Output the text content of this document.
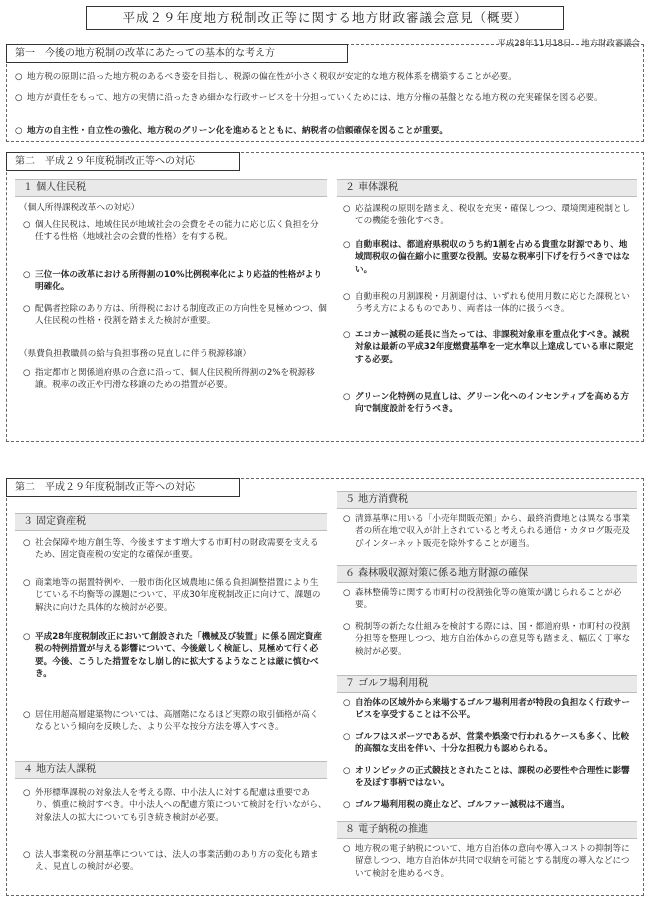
平成２９年度地方税制改正等に関する地方財政審議会意見（概要）
平成28年11月18日 地方財政審議会
第一　今後の地方税制の改革にあたっての基本的な考え方
○ 地方税の原則に沿った地方税のあるべき姿を目指し、税源の偏在性が小さく税収が安定的な地方税体系を構築することが必要。
○ 地方が責任をもって、地方の実情に沿ったきめ細かな行政サービスを十分担っていくためには、地方分権の基盤となる地方税の充実確保を図る必要。
○ 地方の自主性・自立性の強化、地方税のグリーン化を進めるとともに、納税者の信頼確保を図ることが重要。
第二　平成２９年度税制改正等への対応
１ 個人住民税
（個人所得課税改革への対応）
○ 個人住民税は、地域住民が地域社会の会費をその能力に応じ広く負担を分任する性格（地域社会の会費的性格）を有する税。
○ 三位一体の改革における所得割の10%比例税率化により応益的性格がより明確化。
○ 配偶者控除のあり方は、所得税における制度改正の方向性を見極めつつ、個人住民税の性格・役割を踏まえた検討が重要。
（県費負担教職員の給与負担事務の見直しに伴う税源移譲）
○ 指定都市と関係道府県の合意に沿って、個人住民税所得割の2%を税源移譲。税率の改正や円滑な移譲のための措置が必要。
２ 車体課税
○ 応益課税の原則を踏まえ、税収を充実・確保しつつ、環境関連税制としての機能を強化すべき。
○ 自動車税は、都道府県税収のうち約1割を占める貴重な財源であり、地域間税収の偏在縮小に重要な役割。安易な税率引下げを行うべきではない。
○ 自動車税の月割課税・月割還付は、いずれも使用月数に応じた課税という考え方によるものであり、両者は一体的に扱うべき。
○ エコカー減税の延長に当たっては、非課税対象車を重点化すべき。減税対象は最新の平成32年度燃費基準を一定水準以上達成している車に限定する必要。
○ グリーン化特例の見直しは、グリーン化へのインセンティブを高める方向で制度設計を行うべき。
第二　平成２９年度税制改正等への対応
３ 固定資産税
○ 社会保障や地方創生等、今後ますます増大する市町村の財政需要を支えるため、固定資産税の安定的な確保が重要。
○ 商業地等の据置特例や、一般市街化区域農地に係る負担調整措置により生じている不均衡等の課題について、平成30年度税制改正に向けて、課題の解決に向けた具体的な検討が必要。
○ 平成28年度税制改正において創設された「機械及び装置」に係る固定資産税の特例措置が与える影響について、今後厳しく検証し、見極めて行く必要。今後、こうした措置をなし崩し的に拡大するようなことは厳に慎むべき。
○ 居住用超高層建築物については、高層階になるほど実際の取引価格が高くなるという傾向を反映した、より公平な按分方法を導入すべき。
４ 地方法人課税
○ 外形標準課税の対象法人を考える際、中小法人に対する配慮は重要であり、慎重に検討すべき。中小法人への配慮方策について検討を行いながら、対象法人の拡大についても引き続き検討が必要。
○ 法人事業税の分割基準については、法人の事業活動のあり方の変化も踏まえ、見直しの検討が必要。
５ 地方消費税
○ 清算基準に用いる「小売年間販売額」から、最終消費地とは異なる事業者の所在地で収入が計上されていると考えられる通信・カタログ販売及びインターネット販売を除外することが適当。
６ 森林吸収源対策に係る地方財源の確保
○ 森林整備等に関する市町村の役割強化等の施策が講じられることが必要。
○ 税制等の新たな仕組みを検討する際には、国・都道府県・市町村の役割分担等を整理しつつ、地方自治体からの意見等も踏まえ、幅広く丁寧な検討が必要。
７ ゴルフ場利用税
○ 自治体の区域外から来場するゴルフ場利用者が特段の負担なく行政サービスを享受することは不公平。
○ ゴルフはスポーツであるが、営業や娯楽で行われるケースも多く、比較的高額な支出を伴い、十分な担税力も認められる。
○ オリンピックの正式競技とされたことは、課税の必要性や合理性に影響を及ぼす事柄ではない。
○ ゴルフ場利用税の廃止など、ゴルファー減税は不適当。
８ 電子納税の推進
○ 地方税の電子納税について、地方自治体の意向や導入コストの抑制等に留意しつつ、地方自治体が共同で収納を可能とする制度の導入などについて検討を進めるべき。
